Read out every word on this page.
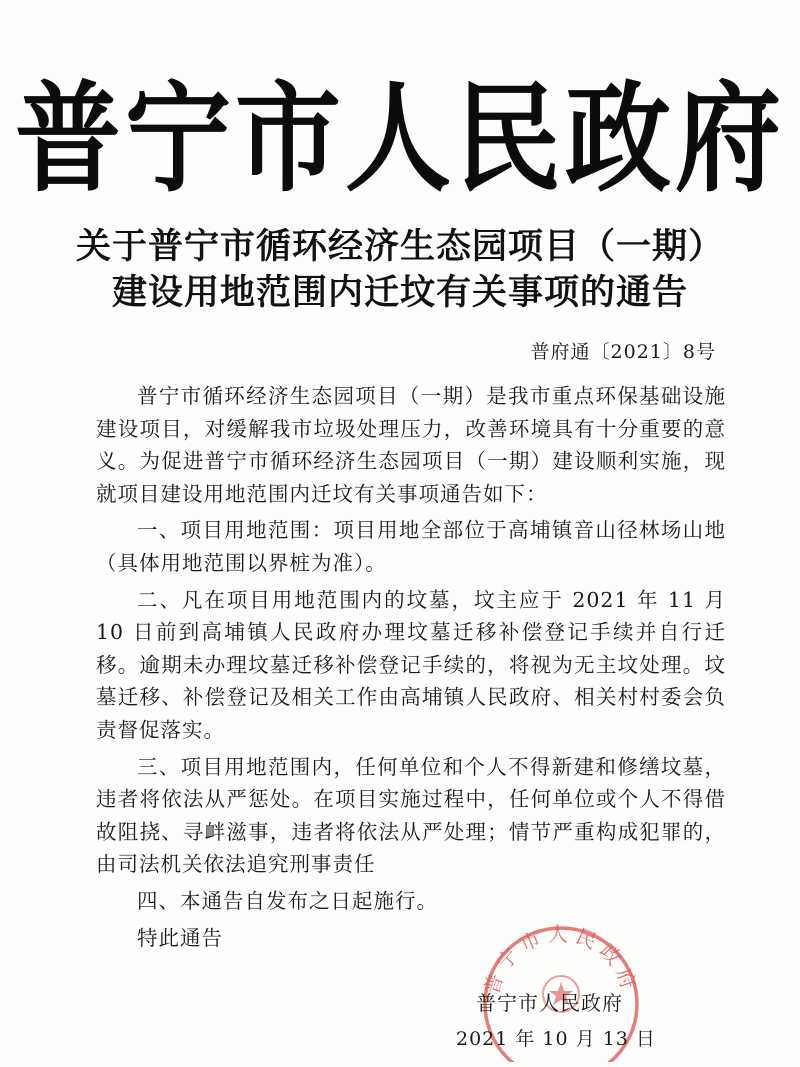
普宁市人民政府
关于普宁市循环经济生态园项目（一期）
建设用地范围内迁坟有关事项的通告
普府通〔2021〕8号

普宁市循环经济生态园项目（一期）是我市重点环保基础设施建设项目，对缓解我市垃圾处理压力，改善环境具有十分重要的意义。为促进普宁市循环经济生态园项目（一期）建设顺利实施，现就项目建设用地范围内迁坟有关事项通告如下：

一、项目用地范围：项目用地全部位于高埔镇音山径林场山地（具体用地范围以界桩为准）。

二、凡在项目用地范围内的坟墓，坟主应于 2021 年 11 月 10 日前到高埔镇人民政府办理坟墓迁移补偿登记手续并自行迁移。逾期未办理坟墓迁移补偿登记手续的，将视为无主坟处理。坟墓迁移、补偿登记及相关工作由高埔镇人民政府、相关村村委会负责督促落实。

三、项目用地范围内，任何单位和个人不得新建和修缮坟墓，违者将依法从严惩处。在项目实施过程中，任何单位或个人不得借故阻挠、寻衅滋事，违者将依法从严处理；情节严重构成犯罪的，由司法机关依法追究刑事责任

四、本通告自发布之日起施行。

特此通告

普宁市人民政府
普宁市人民政府
2021 年 10 月 13 日
